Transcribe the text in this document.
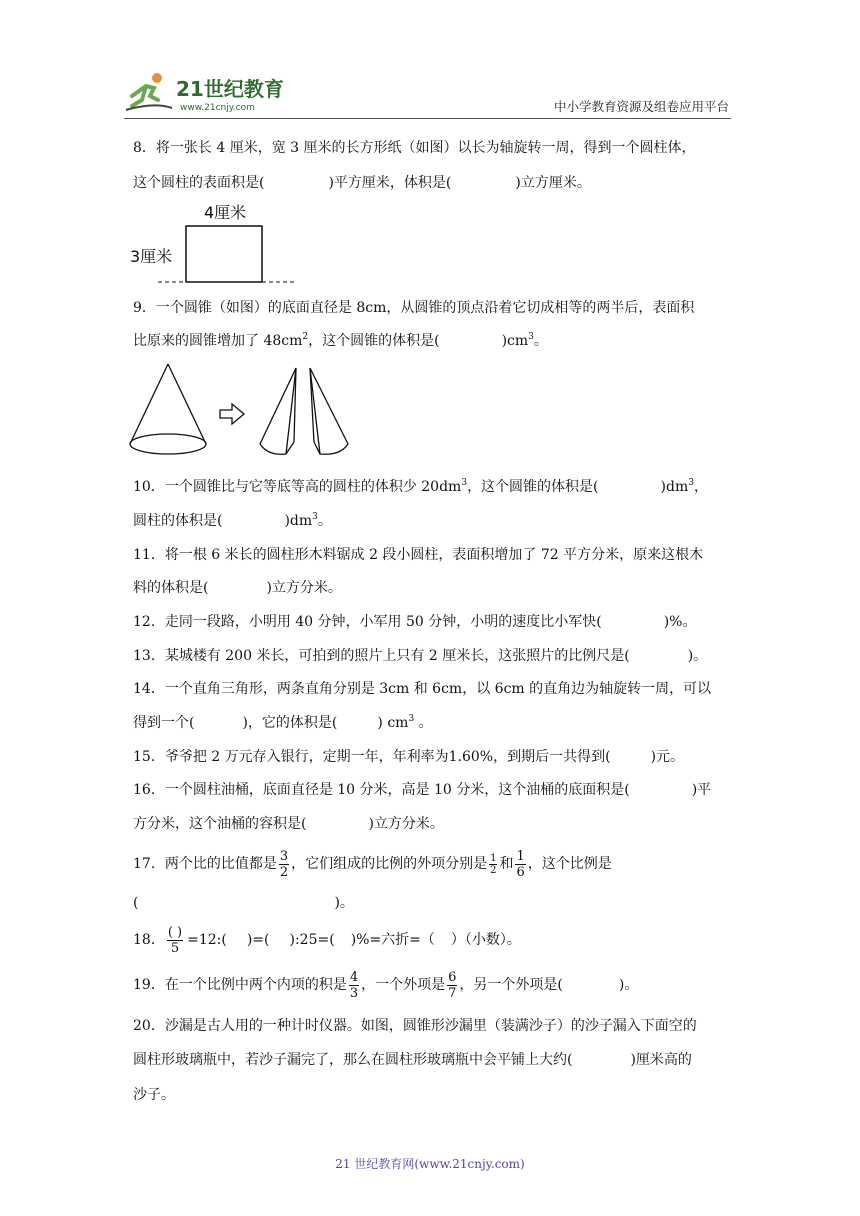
21世纪教育
www.21cnjy.com	中小学教育资源及组卷应用平台
8．将一张长 4 厘米，宽 3 厘米的长方形纸（如图）以长为轴旋转一周，得到一个圆柱体，
这个圆柱的表面积是(	)平方厘米，体积是(	)立方厘米。
4厘米
3厘米
9．一个圆锥（如图）的底面直径是 8cm，从圆锥的顶点沿着它切成相等的两半后，表面积
比原来的圆锥增加了 $48cm^2$，这个圆锥的体积是(	)$cm^3$。
10．一个圆锥比与它等底等高的圆柱的体积少 $20dm^3$，这个圆锥的体积是(	)$dm^3$，
圆柱的体积是(	)$dm^3$。
11．将一根 6 米长的圆柱形木料锯成 2 段小圆柱，表面积增加了 72 平方分米，原来这根木
料的体积是(	)立方分米。
12．走同一段路，小明用 40 分钟，小军用 50 分钟，小明的速度比小军快(	)%。
13．某城楼有 200 米长，可拍到的照片上只有 2 厘米长，这张照片的比例尺是(	)。
14．一个直角三角形，两条直角分别是 3cm 和 6cm，以 6cm 的直角边为轴旋转一周，可以
得到一个(	)，它的体积是(	) $cm^3$ 。
15．爷爷把 2 万元存入银行，定期一年，年利率为1.60%，到期后一共得到(	)元。
16．一个圆柱油桶，底面直径是 10 分米，高是 10 分米，这个油桶的底面积是(	)平
方分米，这个油桶的容积是(	)立方分米。
17．两个比的比值都是 $\frac{3}{2}$ ，它们组成的比例的外项分别是 $\frac{1}{2}$ 和 $\frac{1}{6}$ ，这个比例是
(	)。
18． $\frac{( )}{5}$ =12:( )=( ):25=( )%=六折=（ ）（小数）。
19．在一个比例中两个内项的积是 $\frac{4}{3}$ ，一个外项是 $\frac{6}{7}$ ，另一个外项是(	)。
20．沙漏是古人用的一种计时仪器。如图，圆锥形沙漏里（装满沙子）的沙子漏入下面空的
圆柱形玻璃瓶中，若沙子漏完了，那么在圆柱形玻璃瓶中会平铺上大约(	)厘米高的
沙子。
21 世纪教育网(www.21cnjy.com)
